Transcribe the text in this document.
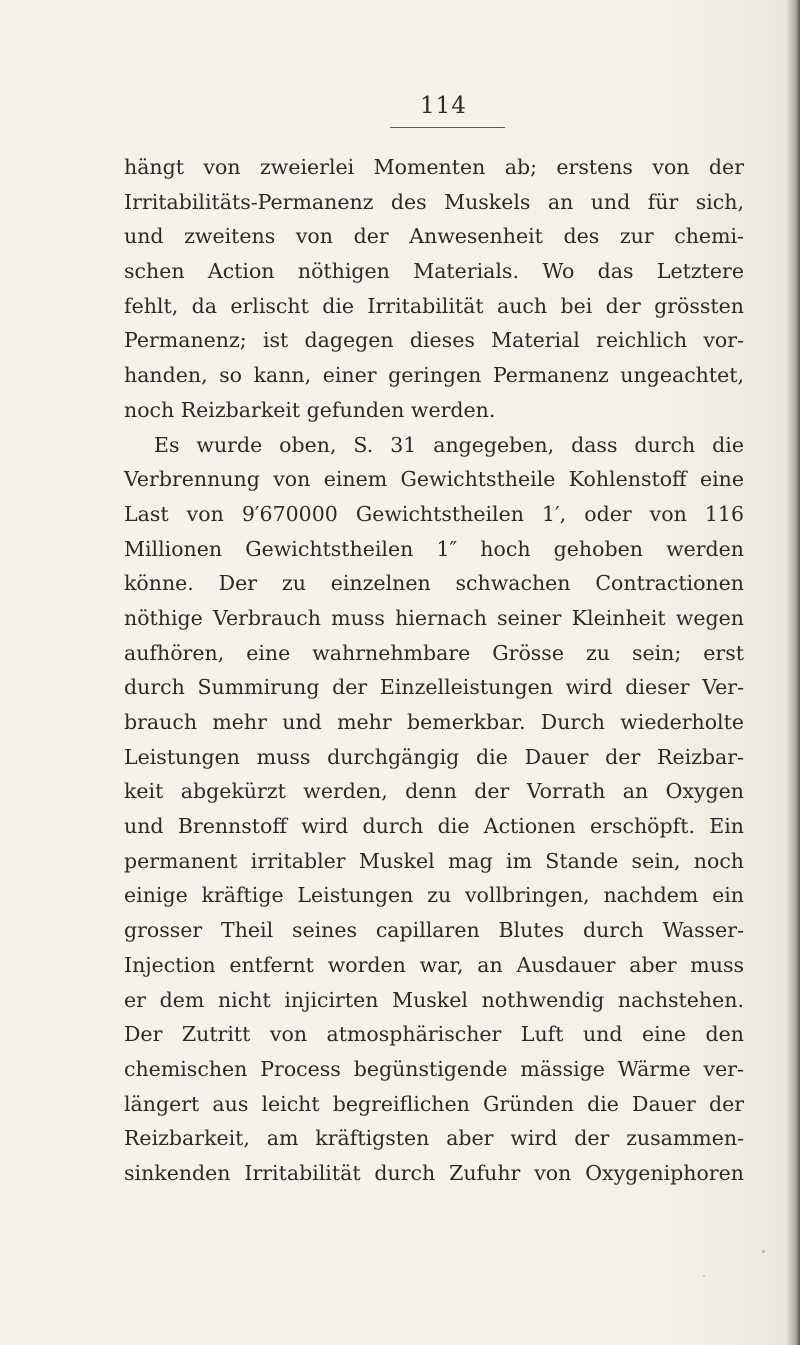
114
hängt von zweierlei Momenten ab; erstens von der
Irritabilitäts-Permanenz des Muskels an und für sich,
und zweitens von der Anwesenheit des zur chemi-
schen Action nöthigen Materials. Wo das Letztere
fehlt, da erlischt die Irritabilität auch bei der grössten
Permanenz; ist dagegen dieses Material reichlich vor-
handen, so kann, einer geringen Permanenz ungeachtet,
noch Reizbarkeit gefunden werden.
Es wurde oben, S. 31 angegeben, dass durch die
Verbrennung von einem Gewichtstheile Kohlenstoff eine
Last von 9′670000 Gewichtstheilen 1′, oder von 116
Millionen Gewichtstheilen 1″ hoch gehoben werden
könne. Der zu einzelnen schwachen Contractionen
nöthige Verbrauch muss hiernach seiner Kleinheit wegen
aufhören, eine wahrnehmbare Grösse zu sein; erst
durch Summirung der Einzelleistungen wird dieser Ver-
brauch mehr und mehr bemerkbar. Durch wiederholte
Leistungen muss durchgängig die Dauer der Reizbar-
keit abgekürzt werden, denn der Vorrath an Oxygen
und Brennstoff wird durch die Actionen erschöpft. Ein
permanent irritabler Muskel mag im Stande sein, noch
einige kräftige Leistungen zu vollbringen, nachdem ein
grosser Theil seines capillaren Blutes durch Wasser-
Injection entfernt worden war, an Ausdauer aber muss
er dem nicht injicirten Muskel nothwendig nachstehen.
Der Zutritt von atmosphärischer Luft und eine den
chemischen Process begünstigende mässige Wärme ver-
längert aus leicht begreiflichen Gründen die Dauer der
Reizbarkeit, am kräftigsten aber wird der zusammen-
sinkenden Irritabilität durch Zufuhr von Oxygeniphoren
